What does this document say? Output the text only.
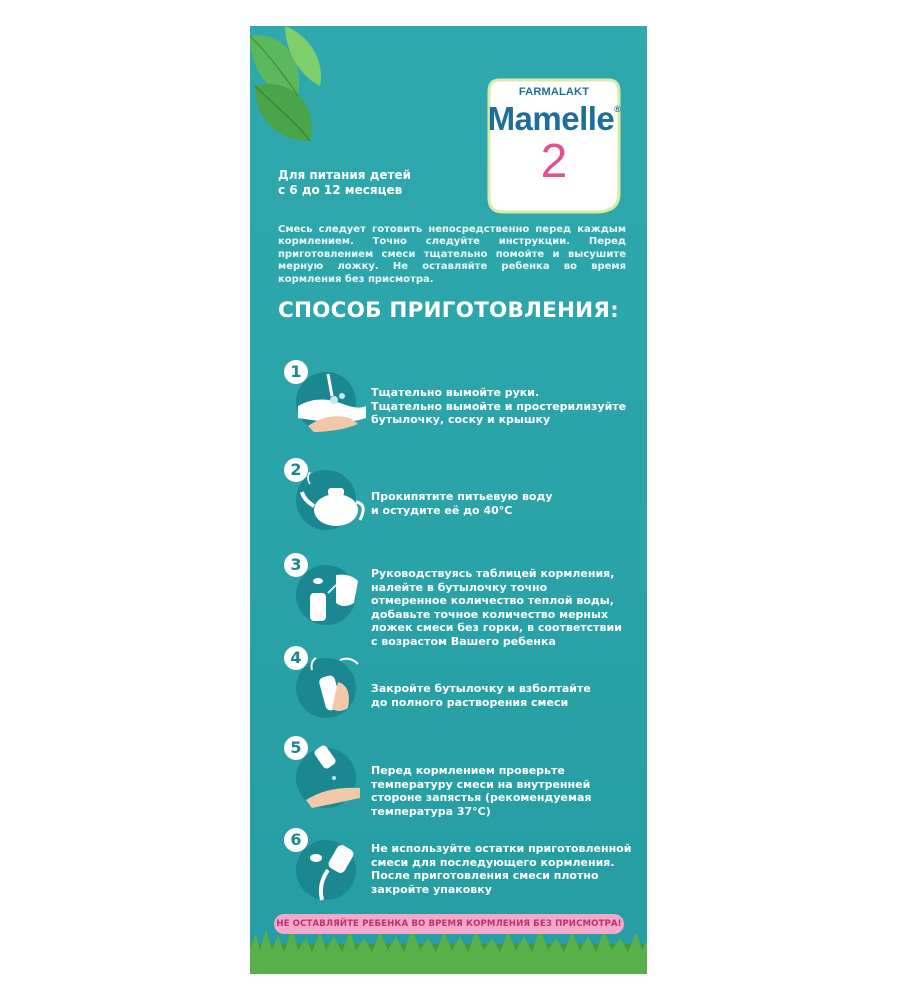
FARMALAKT
Mamelle®
2
Для питания детей
с 6 до 12 месяцев
Смесь следует готовить непосредственно перед каждым кормлением. Точно следуйте инструкции. Перед приготовлением смеси тщательно помойте и высушите мерную ложку. Не оставляйте ребенка во время кормления без присмотра.
СПОСОБ ПРИГОТОВЛЕНИЯ:
1
Тщательно вымойте руки.
Тщательно вымойте и простерилизуйте
бутылочку, соску и крышку
2
Прокипятите питьевую воду
и остудите её до 40°С
3	Руководствуясь таблицей кормления,
налейте в бутылочку точно
отмеренное количество теплой воды,
добавьте точное количество мерных
ложек смеси без горки, в соответствии
с возрастом Вашего ребенка
4
Закройте бутылочку и взболтайте
до полного растворения смеси
5
Перед кормлением проверьте
температуру смеси на внутренней
стороне запястья (рекомендуемая
температура 37°С)
6	Не используйте остатки приготовленной
смеси для последующего кормления.
После приготовления смеси плотно
закройте упаковку
НЕ ОСТАВЛЯЙТЕ РЕБЕНКА ВО ВРЕМЯ КОРМЛЕНИЯ БЕЗ ПРИСМОТРА!
